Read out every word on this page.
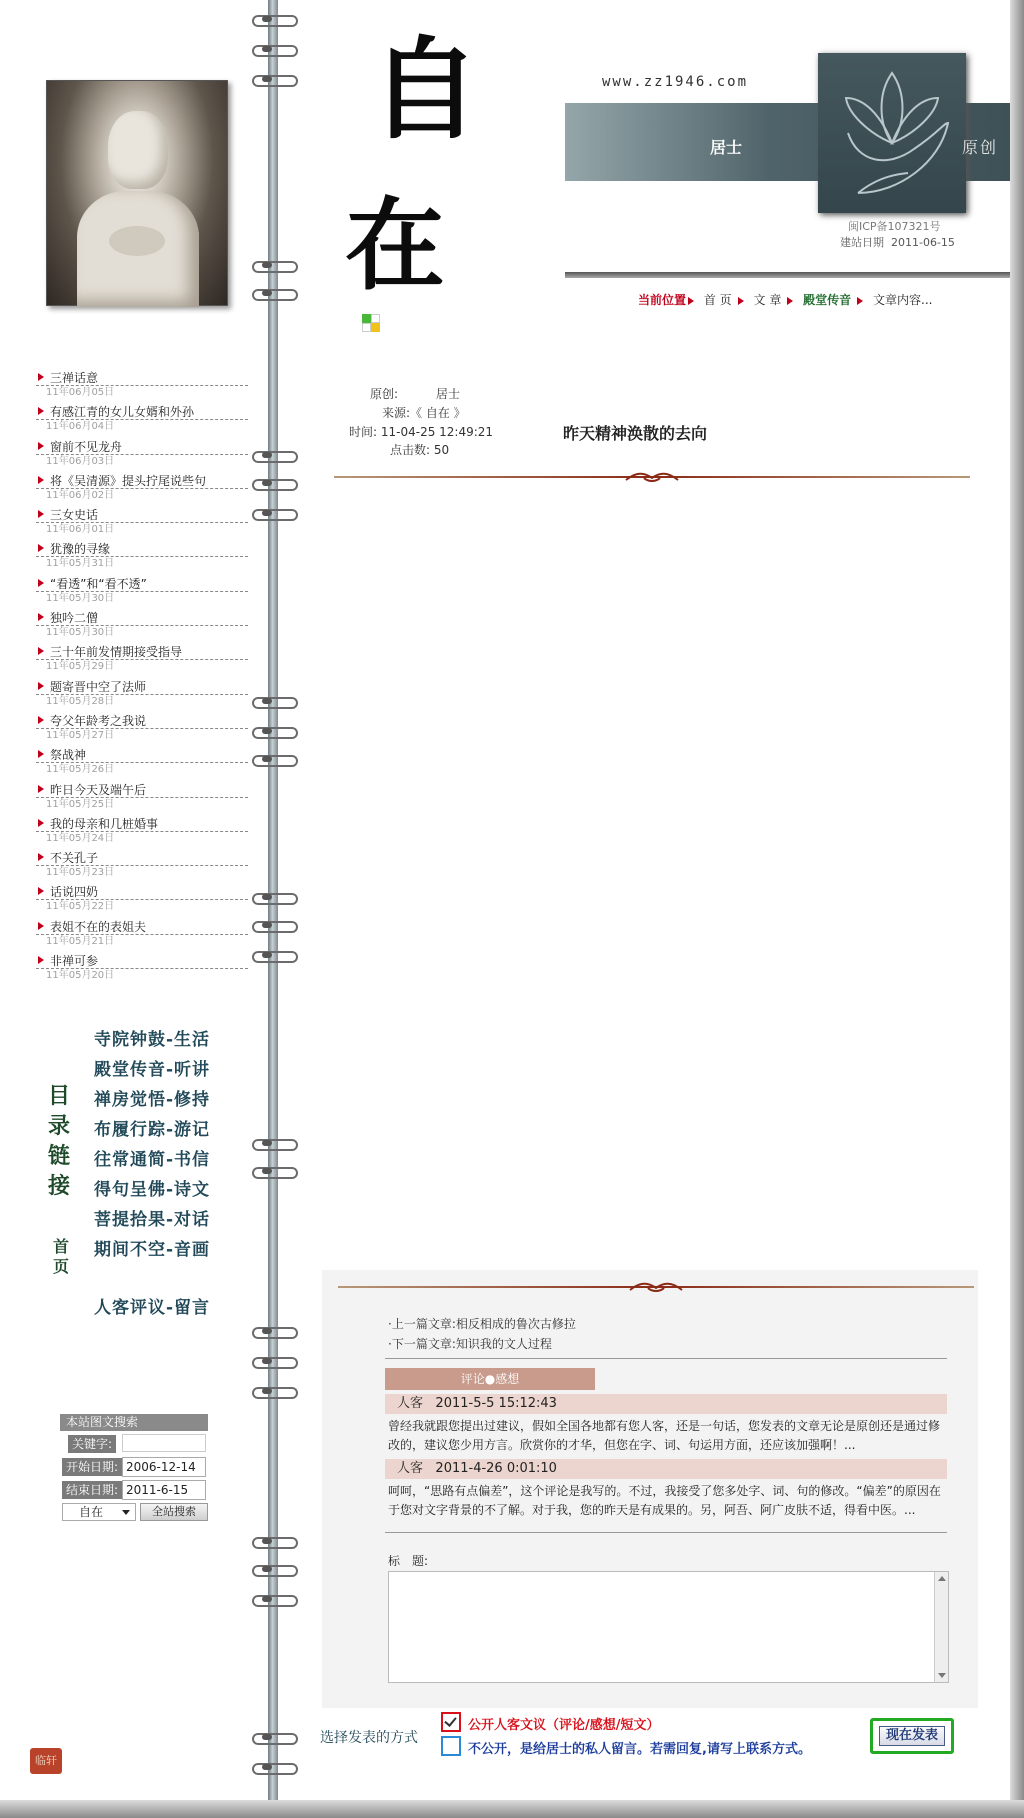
三禅话意
11年06月05日
有感江青的女儿女婿和外孙
11年06月04日
窗前不见龙舟
11年06月03日
将《吴清源》提头拧尾说些句
11年06月02日
三女史话
11年06月01日
犹豫的寻缘
11年05月31日
“看透”和“看不透”
11年05月30日
独吟二僧
11年05月30日
三十年前发情期接受指导
11年05月29日
题寄晋中空了法师
11年05月28日
夸父年龄考之我说
11年05月27日
祭战神
11年05月26日
昨日今天及端午后
11年05月25日
我的母亲和几桩婚事
11年05月24日
不关孔子
11年05月23日
话说四奶
11年05月22日
表姐不在的表姐夫
11年05月21日
非禅可参
11年05月20日
目
录
链
接
首
页
寺院钟鼓-生活
殿堂传音-听讲
禅房觉悟-修持
布履行踪-游记
往常通简-书信
得句呈佛-诗文
菩提拾果-对话
期间不空-音画
人客评议-留言
本站图文搜索
关键字:
开始日期: 2006-12-14
结束日期: 2011-6-15
自在	全站搜索
临轩
自
在
www.zz1946.com
居士	原创
闽ICP备107321号
建站日期 2011-06-15
当前位置 首 页 文 章 殿堂传音 文章内容...
原创:	居士
来源:《 自在 》
时间: 11-04-25 12:49:21
点击数: 50
昨天精神涣散的去向
·上一篇文章:相反相成的鲁次古修拉
·下一篇文章:知识我的文人过程
评论●感想
人客 2011-5-5 15:12:43
曾经我就跟您提出过建议，假如全国各地都有您人客，还是一句话，您发表的文章无论是原创还是通过修改的，建议您少用方言。欣赏你的才华，但您在字、词、句运用方面，还应该加强啊！...
人客 2011-4-26 0:01:10
呵呵，“思路有点偏差”，这个评论是我写的。不过，我接受了您多处字、词、句的修改。“偏差”的原因在于您对文字背景的不了解。对于我，您的昨天是有成果的。另，阿吾、阿广皮肤不适，得看中医。...
标　题:
选择发表的方式
公开人客文议（评论/感想/短文）
不公开，是给居士的私人留言。若需回复,请写上联系方式。
现在发表
